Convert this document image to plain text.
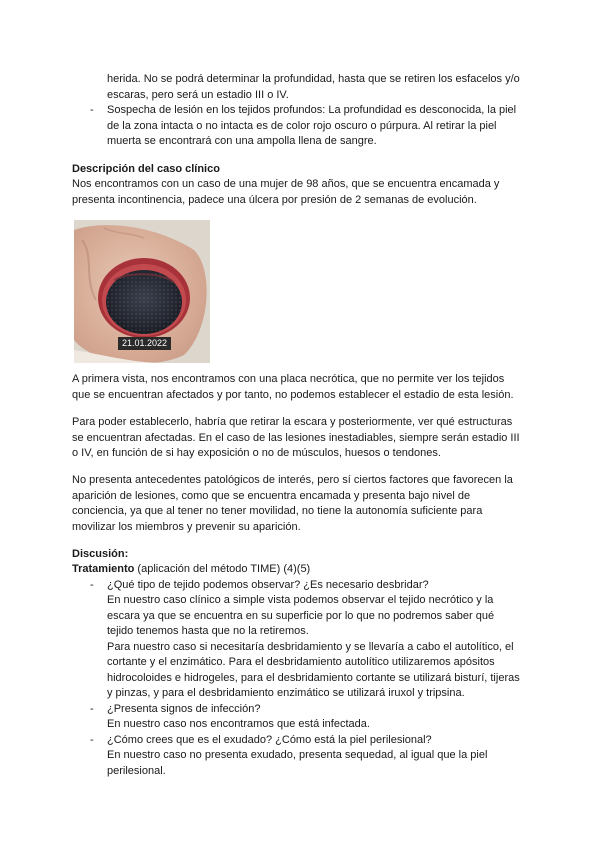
herida. No se podrá determinar la profundidad, hasta que se retiren los esfacelos y/o

escaras, pero será un estadio III o IV.

- Sospecha de lesión en los tejidos profundos: La profundidad es desconocida, la piel

de la zona intacta o no intacta es de color rojo oscuro o púrpura. Al retirar la piel

muerta se encontrará con una ampolla llena de sangre.

Descripción del caso clínico

Nos encontramos con un caso de una mujer de 98 años, que se encuentra encamada y

presenta incontinencia, padece una úlcera por presión de 2 semanas de evolución.

21.01.2022

A primera vista, nos encontramos con una placa necrótica, que no permite ver los tejidos

que se encuentran afectados y por tanto, no podemos establecer el estadio de esta lesión.

Para poder establecerlo, habría que retirar la escara y posteriormente, ver qué estructuras

se encuentran afectadas. En el caso de las lesiones inestadiables, siempre serán estadio III

o IV, en función de si hay exposición o no de músculos, huesos o tendones.

No presenta antecedentes patológicos de interés, pero sí ciertos factores que favorecen la

aparición de lesiones, como que se encuentra encamada y presenta bajo nivel de

conciencia, ya que al tener no tener movilidad, no tiene la autonomía suficiente para

movilizar los miembros y prevenir su aparición.

Discusión:

Tratamiento (aplicación del método TIME) (4)(5)

- ¿Qué tipo de tejido podemos observar? ¿Es necesario desbridar?

En nuestro caso clínico a simple vista podemos observar el tejido necrótico y la

escara ya que se encuentra en su superficie por lo que no podremos saber qué

tejido tenemos hasta que no la retiremos.

Para nuestro caso si necesitaría desbridamiento y se llevaría a cabo el autolítico, el

cortante y el enzimático. Para el desbridamiento autolítico utilizaremos apósitos

hidrocoloides e hidrogeles, para el desbridamiento cortante se utilizará bisturí, tijeras

y pinzas, y para el desbridamiento enzimático se utilizará iruxol y tripsina.

- ¿Presenta signos de infección?

En nuestro caso nos encontramos que está infectada.

- ¿Cómo crees que es el exudado? ¿Cómo está la piel perilesional?

En nuestro caso no presenta exudado, presenta sequedad, al igual que la piel

perilesional.
